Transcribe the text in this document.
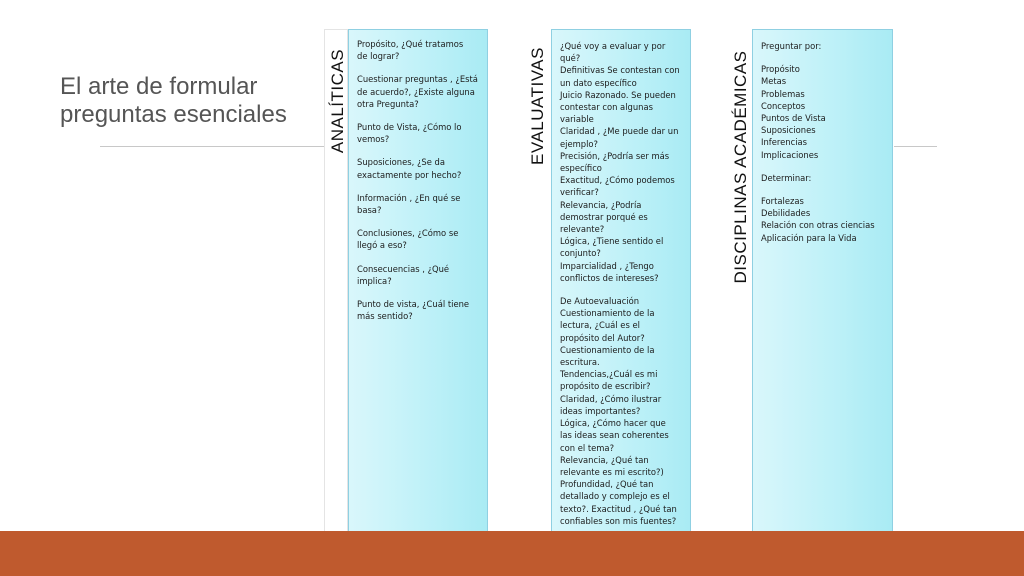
El arte de formular
preguntas esenciales	ANALÍTICAS

Propósito, ¿Qué tratamos

de lograr?

Cuestionar preguntas , ¿Está

de acuerdo?, ¿Existe alguna

otra Pregunta?

Punto de Vista, ¿Cómo lo

vemos?

Suposiciones, ¿Se da

exactamente por hecho?

Información , ¿En qué se

basa?

Conclusiones, ¿Cómo se

llegó a eso?

Consecuencias , ¿Qué

implica?

Punto de vista, ¿Cuál tiene

más sentido?

EVALUATIVAS

¿Qué voy a evaluar y por

qué?

Definitivas Se contestan con

un dato específico

Juicio Razonado. Se pueden

contestar con algunas

variable

Claridad , ¿Me puede dar un

ejemplo?

Precisión, ¿Podría ser más

específico

Exactitud, ¿Cómo podemos

verificar?

Relevancia, ¿Podría

demostrar porqué es

relevante?

Lógica, ¿Tiene sentido el

conjunto?

Imparcialidad , ¿Tengo

conflictos de intereses?

De Autoevaluación

Cuestionamiento de la

lectura, ¿Cuál es el

propósito del Autor?

Cuestionamiento de la

escritura.

Tendencias,¿Cuál es mi

propósito de escribir?

Claridad, ¿Cómo ilustrar

ideas importantes?

Lógica, ¿Cómo hacer que

las ideas sean coherentes

con el tema?

Relevancia, ¿Qué tan

relevante es mi escrito?)

Profundidad, ¿Qué tan

detallado y complejo es el

texto?. Exactitud , ¿Qué tan

confiables son mis fuentes?

DISCIPLINAS ACADÉMICAS

Preguntar por:

Propósito

Metas

Problemas

Conceptos

Puntos de Vista

Suposiciones

Inferencias

Implicaciones

Determinar:

Fortalezas

Debilidades

Relación con otras ciencias

Aplicación para la Vida
